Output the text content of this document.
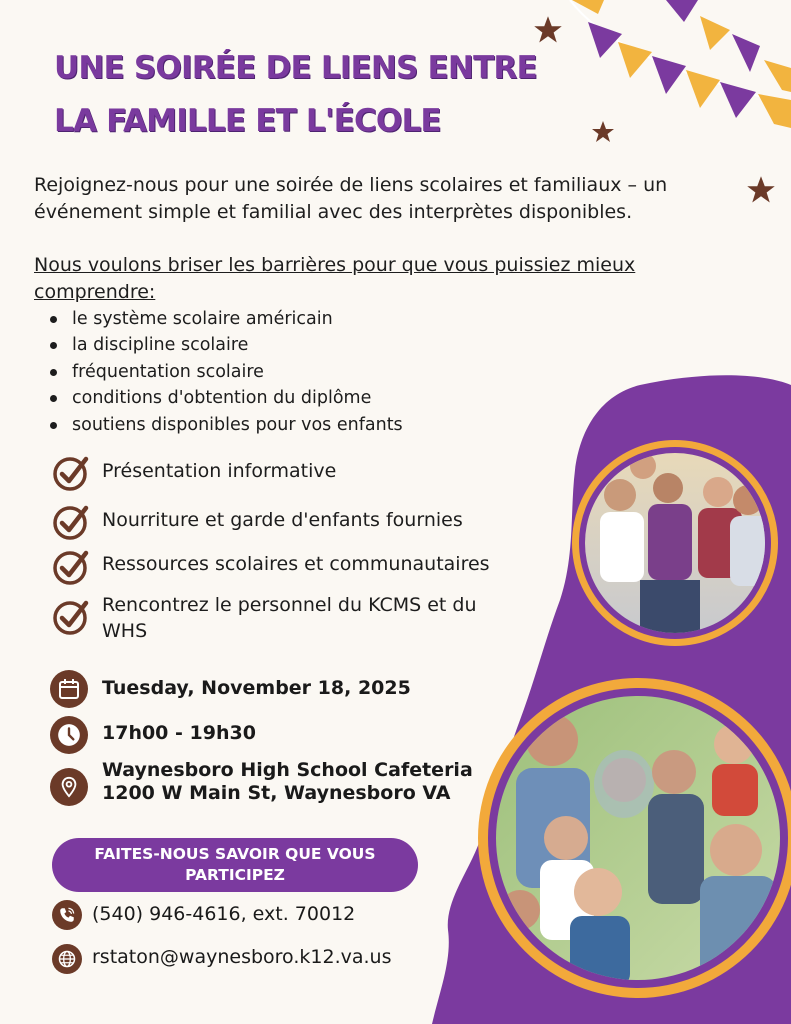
UNE SOIRÉE DE LIENS ENTRE
LA FAMILLE ET L'ÉCOLE

Rejoignez-nous pour une soirée de liens scolaires et familiaux – un événement simple et familial avec des interprètes disponibles.

Nous voulons briser les barrières pour que vous puissiez mieux comprendre:

le système scolaire américain
la discipline scolaire
fréquentation scolaire
conditions d'obtention du diplôme
soutiens disponibles pour vos enfants

Présentation informative

Nourriture et garde d'enfants fournies

Ressources scolaires et communautaires

Rencontrez le personnel du KCMS et du WHS

Tuesday, November 18, 2025

17h00 - 19h30

Waynesboro High School Cafeteria
1200 W Main St, Waynesboro VA

FAITES-NOUS SAVOIR QUE VOUS
PARTICIPEZ
(540) 946-4616, ext. 70012
rstaton@waynesboro.k12.va.us
